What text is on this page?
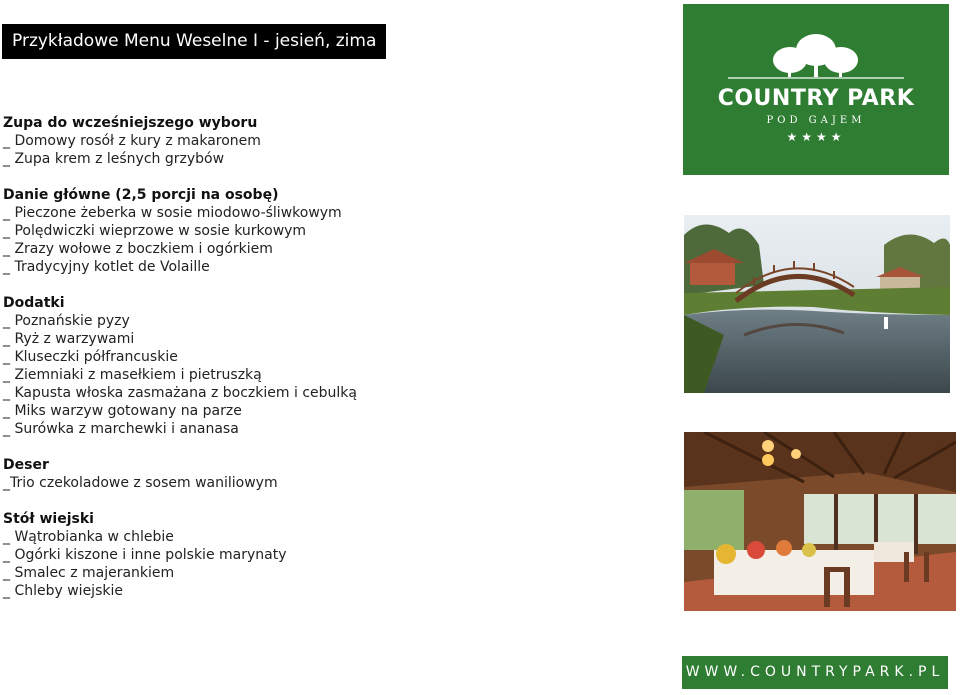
Przykładowe Menu Weselne I - jesień, zima
Zupa do wcześniejszego wyboru
_ Domowy rosół z kury z makaronem
_ Zupa krem z leśnych grzybów
Danie główne (2,5 porcji na osobę)
_ Pieczone żeberka w sosie miodowo-śliwkowym
_ Polędwiczki wieprzowe w sosie kurkowym
_ Zrazy wołowe z boczkiem i ogórkiem
_ Tradycyjny kotlet de Volaille
Dodatki
_ Poznańskie pyzy
_ Ryż z warzywami
_ Kluseczki półfrancuskie
_ Ziemniaki z masełkiem i pietruszką
_ Kapusta włoska zasmażana z boczkiem i cebulką
_ Miks warzyw gotowany na parze
_ Surówka z marchewki i ananasa
Deser
_Trio czekoladowe z sosem waniliowym
Stół wiejski
_ Wątrobianka w chlebie
_ Ogórki kiszone i inne polskie marynaty
_ Smalec z majerankiem
_ Chleby wiejskie
COUNTRY PARK
POD GAJEM
★★★★
WWW.COUNTRYPARK.PL
